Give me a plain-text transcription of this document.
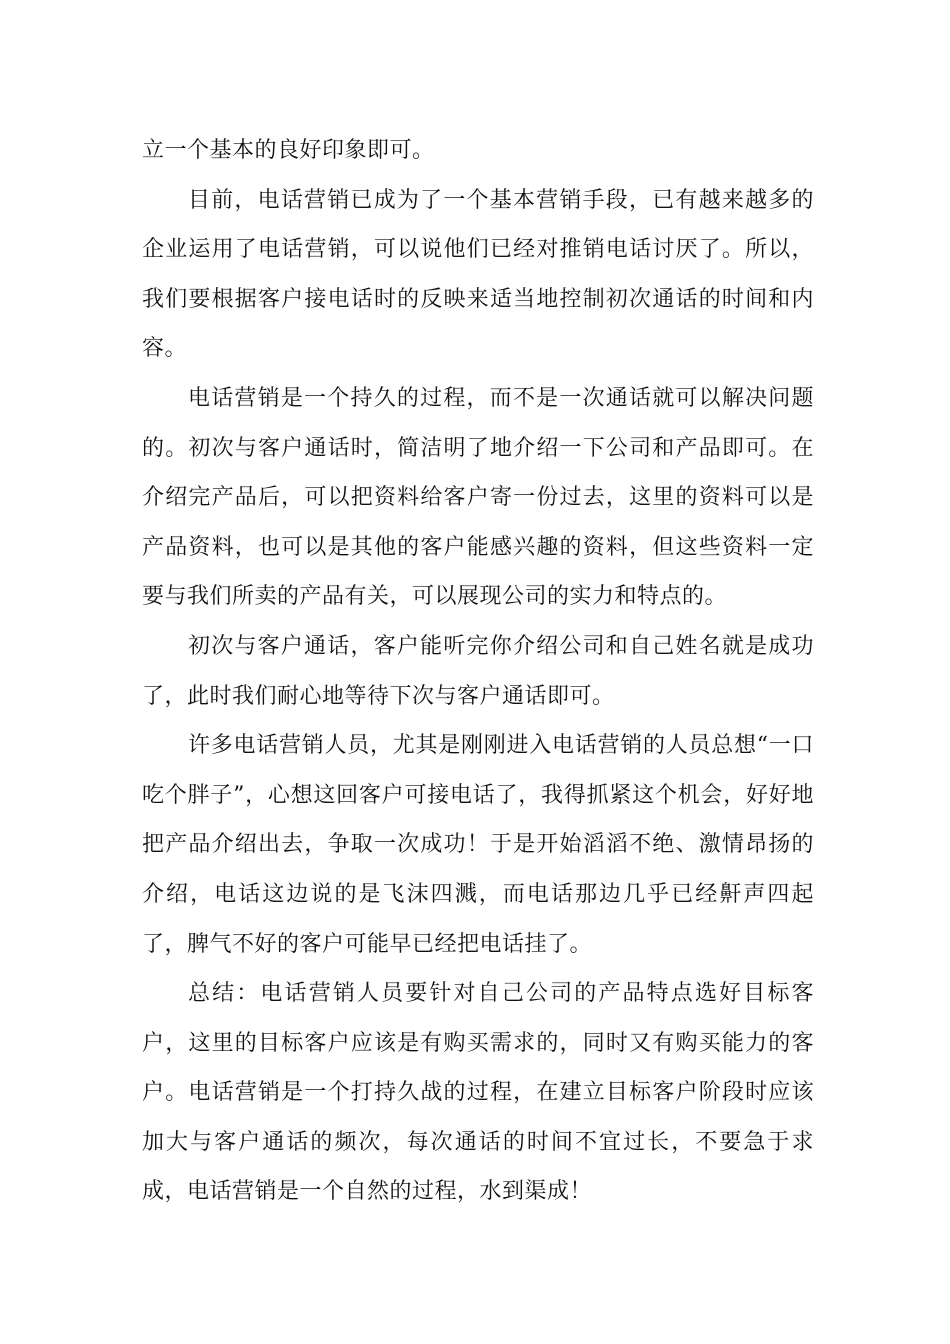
立一个基本的良好印象即可。

目前，电话营销已成为了一个基本营销手段，已有越来越多的企业运用了电话营销，可以说他们已经对推销电话讨厌了。所以，我们要根据客户接电话时的反映来适当地控制初次通话的时间和内容。

电话营销是一个持久的过程，而不是一次通话就可以解决问题的。初次与客户通话时，简洁明了地介绍一下公司和产品即可。在介绍完产品后，可以把资料给客户寄一份过去，这里的资料可以是产品资料，也可以是其他的客户能感兴趣的资料，但这些资料一定要与我们所卖的产品有关，可以展现公司的实力和特点的。

初次与客户通话，客户能听完你介绍公司和自己姓名就是成功了，此时我们耐心地等待下次与客户通话即可。

许多电话营销人员，尤其是刚刚进入电话营销的人员总想“一口吃个胖子”，心想这回客户可接电话了，我得抓紧这个机会，好好地把产品介绍出去，争取一次成功！于是开始滔滔不绝、激情昂扬的介绍，电话这边说的是飞沫四溅，而电话那边几乎已经鼾声四起了，脾气不好的客户可能早已经把电话挂了。

总结：电话营销人员要针对自己公司的产品特点选好目标客户，这里的目标客户应该是有购买需求的，同时又有购买能力的客户。电话营销是一个打持久战的过程，在建立目标客户阶段时应该加大与客户通话的频次，每次通话的时间不宜过长，不要急于求成，电话营销是一个自然的过程，水到渠成！
